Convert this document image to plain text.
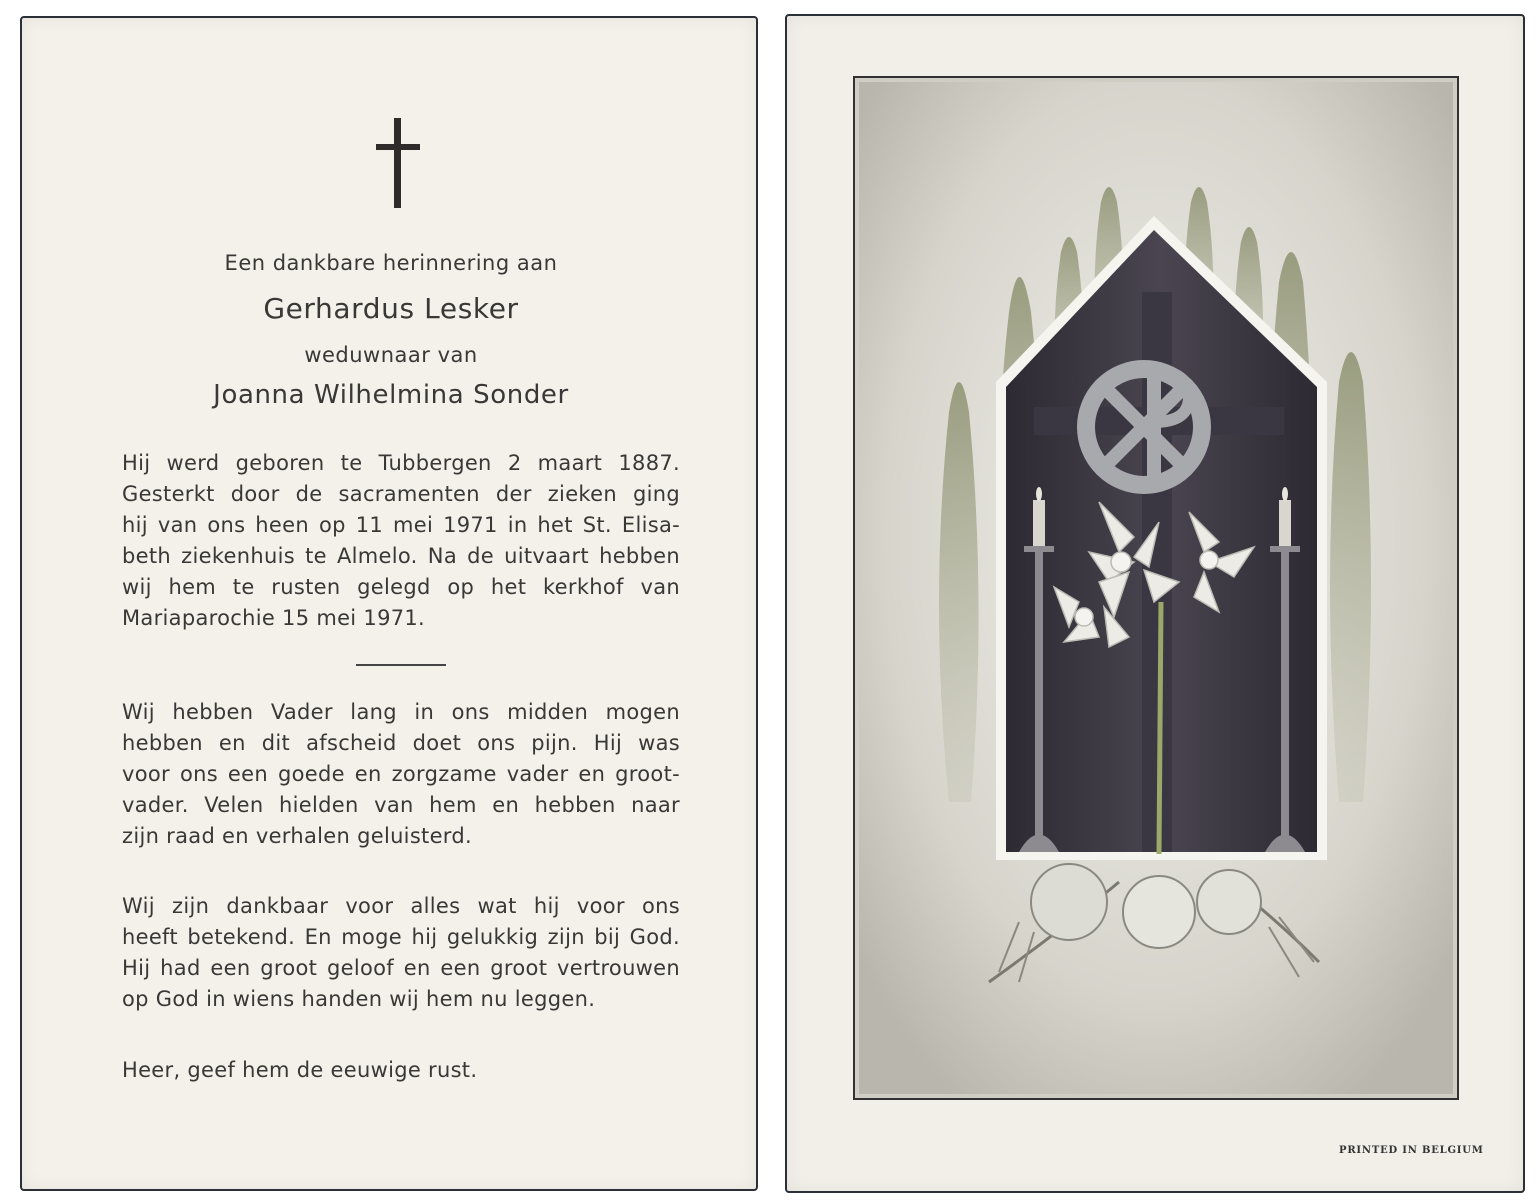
Een dankbare herinnering aan
Gerhardus Lesker
weduwnaar van
Joanna Wilhelmina Sonder

Hij werd geboren te Tubbergen 2 maart 1887.
Gesterkt door de sacramenten der zieken ging
hij van ons heen op 11 mei 1971 in het St. Elisa-
beth ziekenhuis te Almelo. Na de uitvaart hebben
wij hem te rusten gelegd op het kerkhof van
Mariaparochie 15 mei 1971.

Wij hebben Vader lang in ons midden mogen
hebben en dit afscheid doet ons pijn. Hij was
voor ons een goede en zorgzame vader en groot-
vader. Velen hielden van hem en hebben naar
zijn raad en verhalen geluisterd.

Wij zijn dankbaar voor alles wat hij voor ons
heeft betekend. En moge hij gelukkig zijn bij God.
Hij had een groot geloof en een groot vertrouwen
op God in wiens handen wij hem nu leggen.

Heer, geef hem de eeuwige rust.

PRINTED IN BELGIUM
